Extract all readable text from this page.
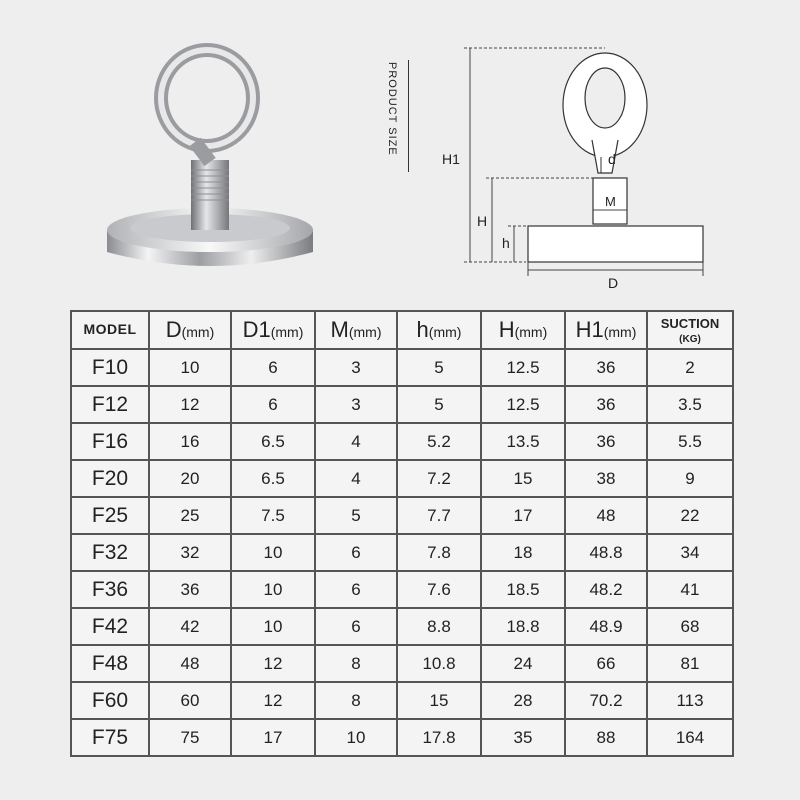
PRODUCT SIZE
H1
H
h
d
M
D
MODEL	D(mm)	D1(mm)	M(mm)	h(mm)	H(mm)	H1(mm)	SUCTION
(KG)

F10	10	6	3	5	12.5	36	2
F12	12	6	3	5	12.5	36	3.5
F16	16	6.5	4	5.2	13.5	36	5.5
F20	20	6.5	4	7.2	15	38	9
F25	25	7.5	5	7.7	17	48	22
F32	32	10	6	7.8	18	48.8	34
F36	36	10	6	7.6	18.5	48.2	41
F42	42	10	6	8.8	18.8	48.9	68
F48	48	12	8	10.8	24	66	81
F60	60	12	8	15	28	70.2	113
F75	75	17	10	17.8	35	88	164
